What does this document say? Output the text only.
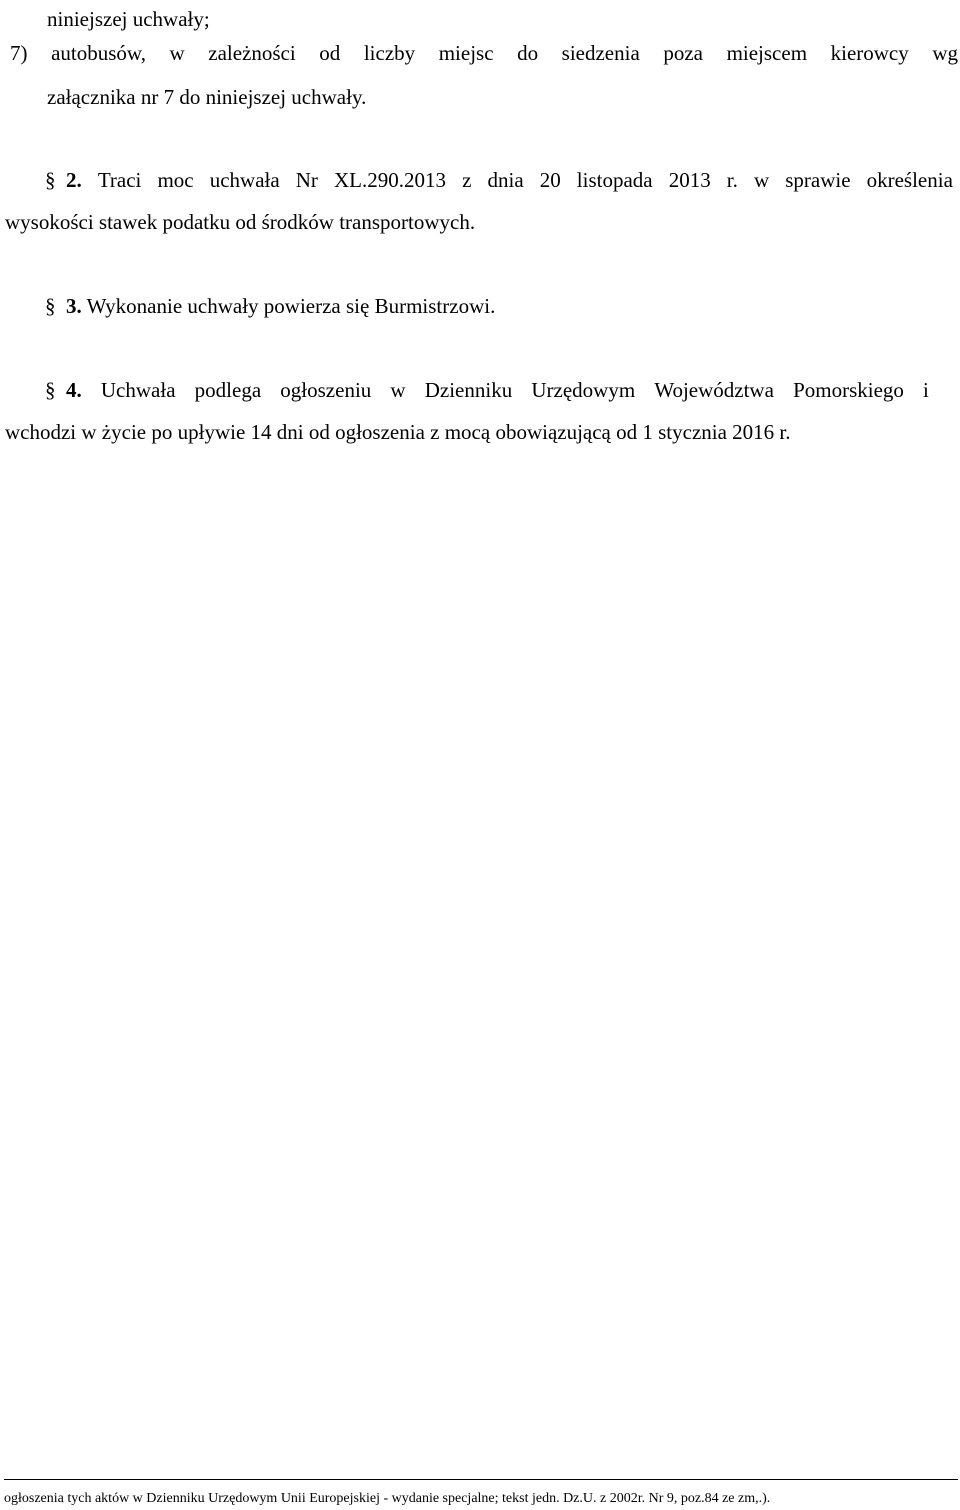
niniejszej uchwały;
7) autobusów, w zależności od liczby miejsc do siedzenia poza miejscem kierowcy wg
załącznika nr 7 do niniejszej uchwały.
§  2. Traci moc uchwała Nr XL.290.2013 z dnia 20 listopada 2013 r. w sprawie określenia
wysokości stawek podatku od środków transportowych.
§  3. Wykonanie uchwały powierza się Burmistrzowi.
§  4. Uchwała podlega ogłoszeniu w Dzienniku Urzędowym Województwa Pomorskiego i
wchodzi w życie po upływie 14 dni od ogłoszenia z mocą obowiązującą od 1 stycznia 2016 r.
ogłoszenia tych aktów w Dzienniku Urzędowym Unii Europejskiej - wydanie specjalne; tekst jedn. Dz.U. z 2002r. Nr 9, poz.84 ze zm,.).
